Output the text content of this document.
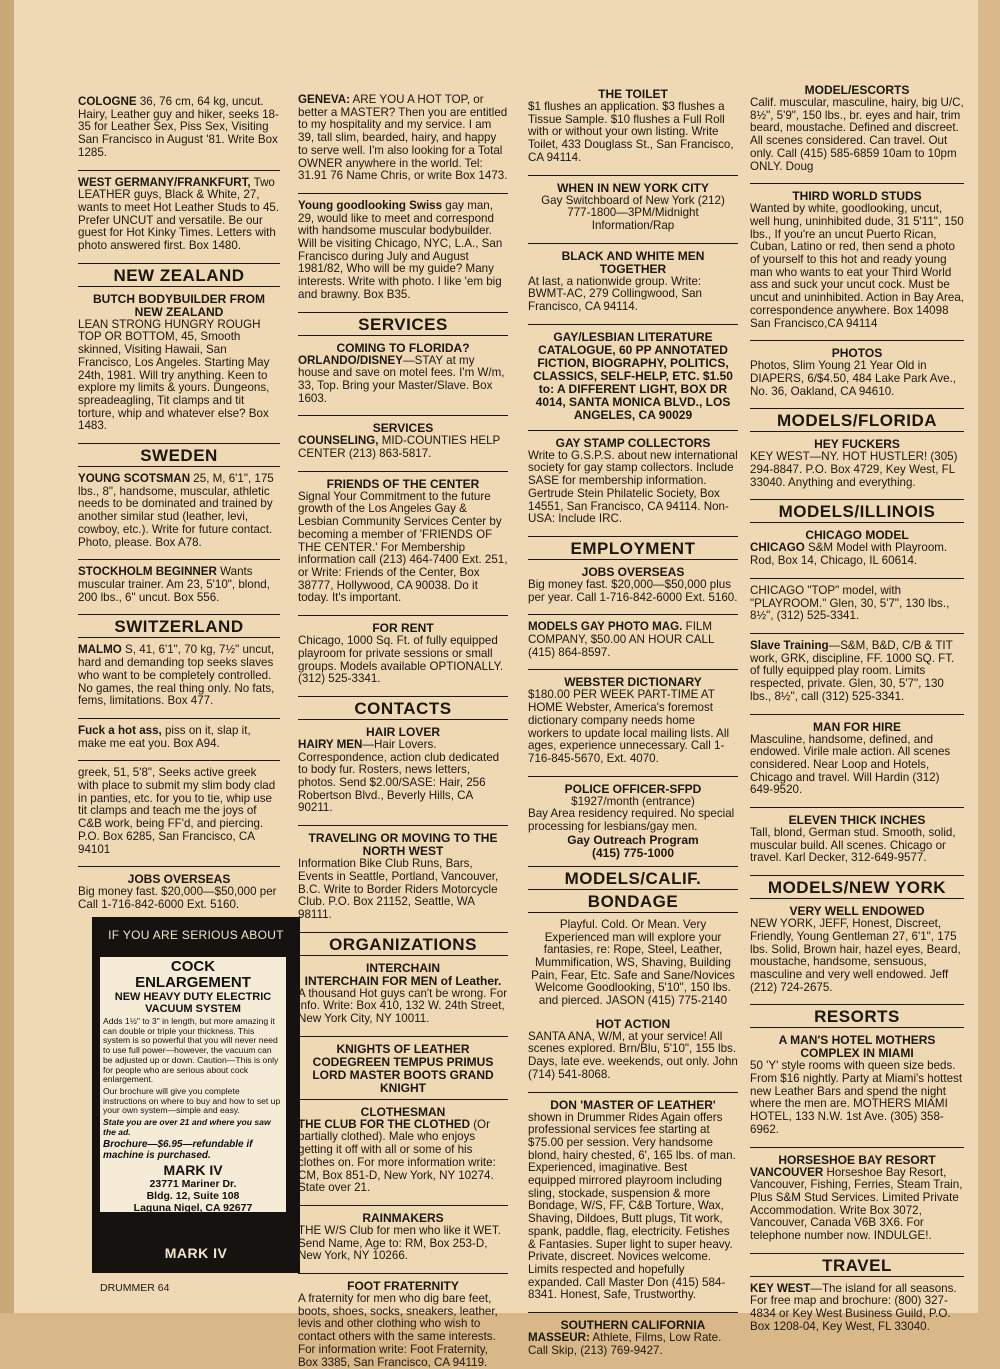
COLOGNE 36, 76 cm, 64 kg, uncut. Hairy, Leather guy and hiker, seeks 18-35 for Leather Sex, Piss Sex, Visiting San Francisco in August '81. Write Box 1285.

WEST GERMANY/FRANKFURT, Two LEATHER guys, Black & White, 27, wants to meet Hot Leather Studs to 45. Prefer UNCUT and versatile. Be our guest for Hot Kinky Times. Letters with photo answered first. Box 1480.

NEW ZEALAND

BUTCH BODYBUILDER FROM NEW ZEALAND

LEAN STRONG HUNGRY ROUGH TOP OR BOTTOM, 45, Smooth skinned, Visiting Hawaii, San Francisco, Los Angeles. Starting May 24th, 1981. Will try anything. Keen to explore my limits & yours. Dungeons, spreadeagling, Tit clamps and tit torture, whip and whatever else? Box 1483.

SWEDEN

YOUNG SCOTSMAN 25, M, 6'1", 175 lbs., 8", handsome, muscular, athletic needs to be dominated and trained by another similar stud (leather, levi, cowboy, etc.). Write for future contact. Photo, please. Box A78.

STOCKHOLM BEGINNER Wants muscular trainer. Am 23, 5'10", blond, 200 lbs., 6" uncut. Box 556.

SWITZERLAND

MALMO S, 41, 6'1", 70 kg, 7½" uncut, hard and demanding top seeks slaves who want to be completely controlled. No games, the real thing only. No fats, fems, limitations. Box 477.

Fuck a hot ass, piss on it, slap it, make me eat you. Box A94.

greek, 51, 5'8", Seeks active greek with place to submit my slim body clad in panties, etc. for you to tie, whip use tit clamps and teach me the joys of C&B work, being FF'd, and piercing. P.O. Box 6285, San Francisco, CA 94101

JOBS OVERSEAS

Big money fast. $20,000—$50,000 per Call 1-716-842-6000 Ext. 5160.

IF YOU ARE SERIOUS ABOUT

COCK

ENLARGEMENT

NEW HEAVY DUTY ELECTRIC VACUUM SYSTEM

Adds 1½" to 3" in length, but more amazing it can double or triple your thickness. This system is so powerful that you will never need to use full power—however, the vacuum can be adjusted up or down. Caution—This is only for people who are serious about cock enlargement.

Our brochure will give you complete instructions on where to buy and how to set up your own system—simple and easy.

State you are over 21 and where you saw the ad.

Brochure—$6.95—refundable if machine is purchased.

MARK IV

23771 Mariner Dr.

Bldg. 12, Suite 108

Laguna Nigel, CA 92677

MARK IV

GENEVA: ARE YOU A HOT TOP, or better a MASTER? Then you are entitled to my hospitality and my service. I am 39, tall slim, bearded, hairy, and happy to serve well. I'm also looking for a Total OWNER anywhere in the world. Tel: 31.91 76 Name Chris, or write Box 1473.

Young goodlooking Swiss gay man, 29, would like to meet and correspond with handsome muscular bodybuilder. Will be visiting Chicago, NYC, L.A., San Francisco during July and August 1981/82, Who will be my guide? Many interests. Write with photo. I like 'em big and brawny. Box B35.

SERVICES

COMING TO FLORIDA?

ORLANDO/DISNEY—STAY at my house and save on motel fees. I'm W/m, 33, Top. Bring your Master/Slave. Box 1603.

SERVICES

COUNSELING, MID-COUNTIES HELP CENTER (213) 863-5817.

FRIENDS OF THE CENTER

Signal Your Commitment to the future growth of the Los Angeles Gay & Lesbian Community Services Center by becoming a member of 'FRIENDS OF THE CENTER.' For Membership information call (213) 464-7400 Ext. 251, or Write: Friends of the Center, Box 38777, Hollywood, CA 90038. Do it today. It's important.

FOR RENT

Chicago, 1000 Sq. Ft. of fully equipped playroom for private sessions or small groups. Models available OPTIONALLY. (312) 525-3341.

CONTACTS

HAIR LOVER

HAIRY MEN—Hair Lovers. Correspondence, action club dedicated to body fur. Rosters, news letters, photos. Send $2.00/SASE: Hair, 256 Robertson Blvd., Beverly Hills, CA 90211.

TRAVELING OR MOVING TO THE NORTH WEST

Information Bike Club Runs, Bars, Events in Seattle, Portland, Vancouver, B.C. Write to Border Riders Motorcycle Club. P.O. Box 21152, Seattle, WA 98111.

ORGANIZATIONS

INTERCHAIN

INTERCHAIN FOR MEN of Leather.

A thousand Hot guys can't be wrong. For info. Write: Box 410, 132 W. 24th Street, New York City, NY 10011.

KNIGHTS OF LEATHER CODEGREEN TEMPUS PRIMUS LORD MASTER BOOTS GRAND KNIGHT

CLOTHESMAN

THE CLUB FOR THE CLOTHED (Or partially clothed). Male who enjoys getting it off with all or some of his clothes on. For more information write: CM, Box 851-D, New York, NY 10274. State over 21.

RAINMAKERS

THE W/S Club for men who like it WET. Send Name, Age to: RM, Box 253-D, New York, NY 10266.

FOOT FRATERNITY

A fraternity for men who dig bare feet, boots, shoes, socks, sneakers, leather, levis and other clothing who wish to contact others with the same interests. For information write: Foot Fraternity, Box 3385, San Francisco, CA 94119.

THE TOILET

$1 flushes an application. $3 flushes a Tissue Sample. $10 flushes a Full Roll with or without your own listing. Write Toilet, 433 Douglass St., San Francisco, CA 94114.

WHEN IN NEW YORK CITY

Gay Switchboard of New York (212) 777-1800—3PM/Midnight Information/Rap

BLACK AND WHITE MEN TOGETHER

At last, a nationwide group. Write: BWMT-AC, 279 Collingwood, San Francisco, CA 94114.

GAY/LESBIAN LITERATURE CATALOGUE, 60 PP ANNOTATED FICTION, BIOGRAPHY, POLITICS, CLASSICS, SELF-HELP, ETC. $1.50 to: A DIFFERENT LIGHT, BOX DR 4014, SANTA MONICA BLVD., LOS ANGELES, CA 90029

GAY STAMP COLLECTORS

Write to G.S.P.S. about new international society for gay stamp collectors. Include SASE for membership information. Gertrude Stein Philatelic Society, Box 14551, San Francisco, CA 94114. Non-USA: Include IRC.

EMPLOYMENT

JOBS OVERSEAS

Big money fast. $20,000—$50,000 plus per year. Call 1-716-842-6000 Ext. 5160.

MODELS GAY PHOTO MAG. FILM COMPANY, $50.00 AN HOUR CALL (415) 864-8597.

WEBSTER DICTIONARY

$180.00 PER WEEK PART-TIME AT HOME Webster, America's foremost dictionary company needs home workers to update local mailing lists. All ages, experience unnecessary. Call 1-716-845-5670, Ext. 4070.

POLICE OFFICER-SFPD

$1927/month (entrance)

Bay Area residency required. No special processing for lesbians/gay men.

Gay Outreach Program

(415) 775-1000

MODELS/CALIF.
BONDAGE

Playful. Cold. Or Mean. Very Experienced man will explore your fantasies, re: Rope, Steel, Leather, Mummification, WS, Shaving, Building Pain, Fear, Etc. Safe and Sane/Novices Welcome Goodlooking, 5'10", 150 lbs. and pierced. JASON (415) 775-2140

HOT ACTION

SANTA ANA, W/M, at your service! All scenes explored. Brn/Blu, 5'10", 155 lbs. Days, late eve. weekends, out only. John (714) 541-8068.

DON 'MASTER OF LEATHER'

shown in Drummer Rides Again offers professional services fee starting at $75.00 per session. Very handsome blond, hairy chested, 6', 165 lbs. of man. Experienced, imaginative. Best equipped mirrored playroom including sling, stockade, suspension & more Bondage, W/S, FF, C&B Torture, Wax, Shaving, Dildoes, Butt plugs, Tit work, spank, paddle, flag, electricity. Fetishes & Fantasies. Super light to super heavy. Private, discreet. Novices welcome. Limits respected and hopefully expanded. Call Master Don (415) 584-8341. Honest, Safe, Trustworthy.

SOUTHERN CALIFORNIA

MASSEUR: Athlete, Films, Low Rate. Call Skip, (213) 769-9427.

MODEL/ESCORTS

Calif. muscular, masculine, hairy, big U/C, 8½", 5'9", 150 lbs., br. eyes and hair, trim beard, moustache. Defined and discreet. All scenes considered. Can travel. Out only. Call (415) 585-6859 10am to 10pm ONLY. Doug

THIRD WORLD STUDS

Wanted by white, goodlooking, uncut, well hung, uninhibited dude, 31 5'11", 150 lbs., If you're an uncut Puerto Rican, Cuban, Latino or red, then send a photo of yourself to this hot and ready young man who wants to eat your Third World ass and suck your uncut cock. Must be uncut and uninhibited. Action in Bay Area, correspondence anywhere. Box 14098 San Francisco,CA 94114

PHOTOS

Photos, Slim Young 21 Year Old in DIAPERS, 6/$4.50, 484 Lake Park Ave., No. 36, Oakland, CA 94610.

MODELS/FLORIDA

HEY FUCKERS

KEY WEST—NY. HOT HUSTLER! (305) 294-8847. P.O. Box 4729, Key West, FL 33040. Anything and everything.

MODELS/ILLINOIS

CHICAGO MODEL

CHICAGO S&M Model with Playroom. Rod, Box 14, Chicago, IL 60614.

CHICAGO "TOP" model, with "PLAYROOM." Glen, 30, 5'7", 130 lbs., 8½", (312) 525-3341.

Slave Training—S&M, B&D, C/B & TIT work, GRK, discipline, FF. 1000 SQ. FT. of fully equipped play room. Limits respected, private. Glen, 30, 5'7", 130 lbs., 8½", call (312) 525-3341.

MAN FOR HIRE

Masculine, handsome, defined, and endowed. Virile male action. All scenes considered. Near Loop and Hotels, Chicago and travel. Will Hardin (312) 649-9520.

ELEVEN THICK INCHES

Tall, blond, German stud. Smooth, solid, muscular build. All scenes. Chicago or travel. Karl Decker, 312-649-9577.

MODELS/NEW YORK

VERY WELL ENDOWED

NEW YORK, JEFF, Honest, Discreet, Friendly, Young Gentleman 27, 6'1", 175 lbs. Solid, Brown hair, hazel eyes, Beard, moustache, handsome, sensuous, masculine and very well endowed. Jeff (212) 724-2675.

RESORTS

A MAN'S HOTEL MOTHERS COMPLEX IN MIAMI

50 'Y' style rooms with queen size beds. From $16 nightly. Party at Miami's hottest new Leather Bars and spend the night where the men are. MOTHERS MIAMI HOTEL, 133 N.W. 1st Ave. (305) 358-6962.

HORSESHOE BAY RESORT

VANCOUVER Horseshoe Bay Resort, Vancouver, Fishing, Ferries, Steam Train, Plus S&M Stud Services. Limited Private Accommodation. Write Box 3072, Vancouver, Canada V6B 3X6. For telephone number now. INDULGE!.

TRAVEL

KEY WEST—The island for all seasons. For free map and brochure: (800) 327-4834 or Key West Business Guild, P.O. Box 1208-04, Key West, FL 33040.

DRUMMER 64
